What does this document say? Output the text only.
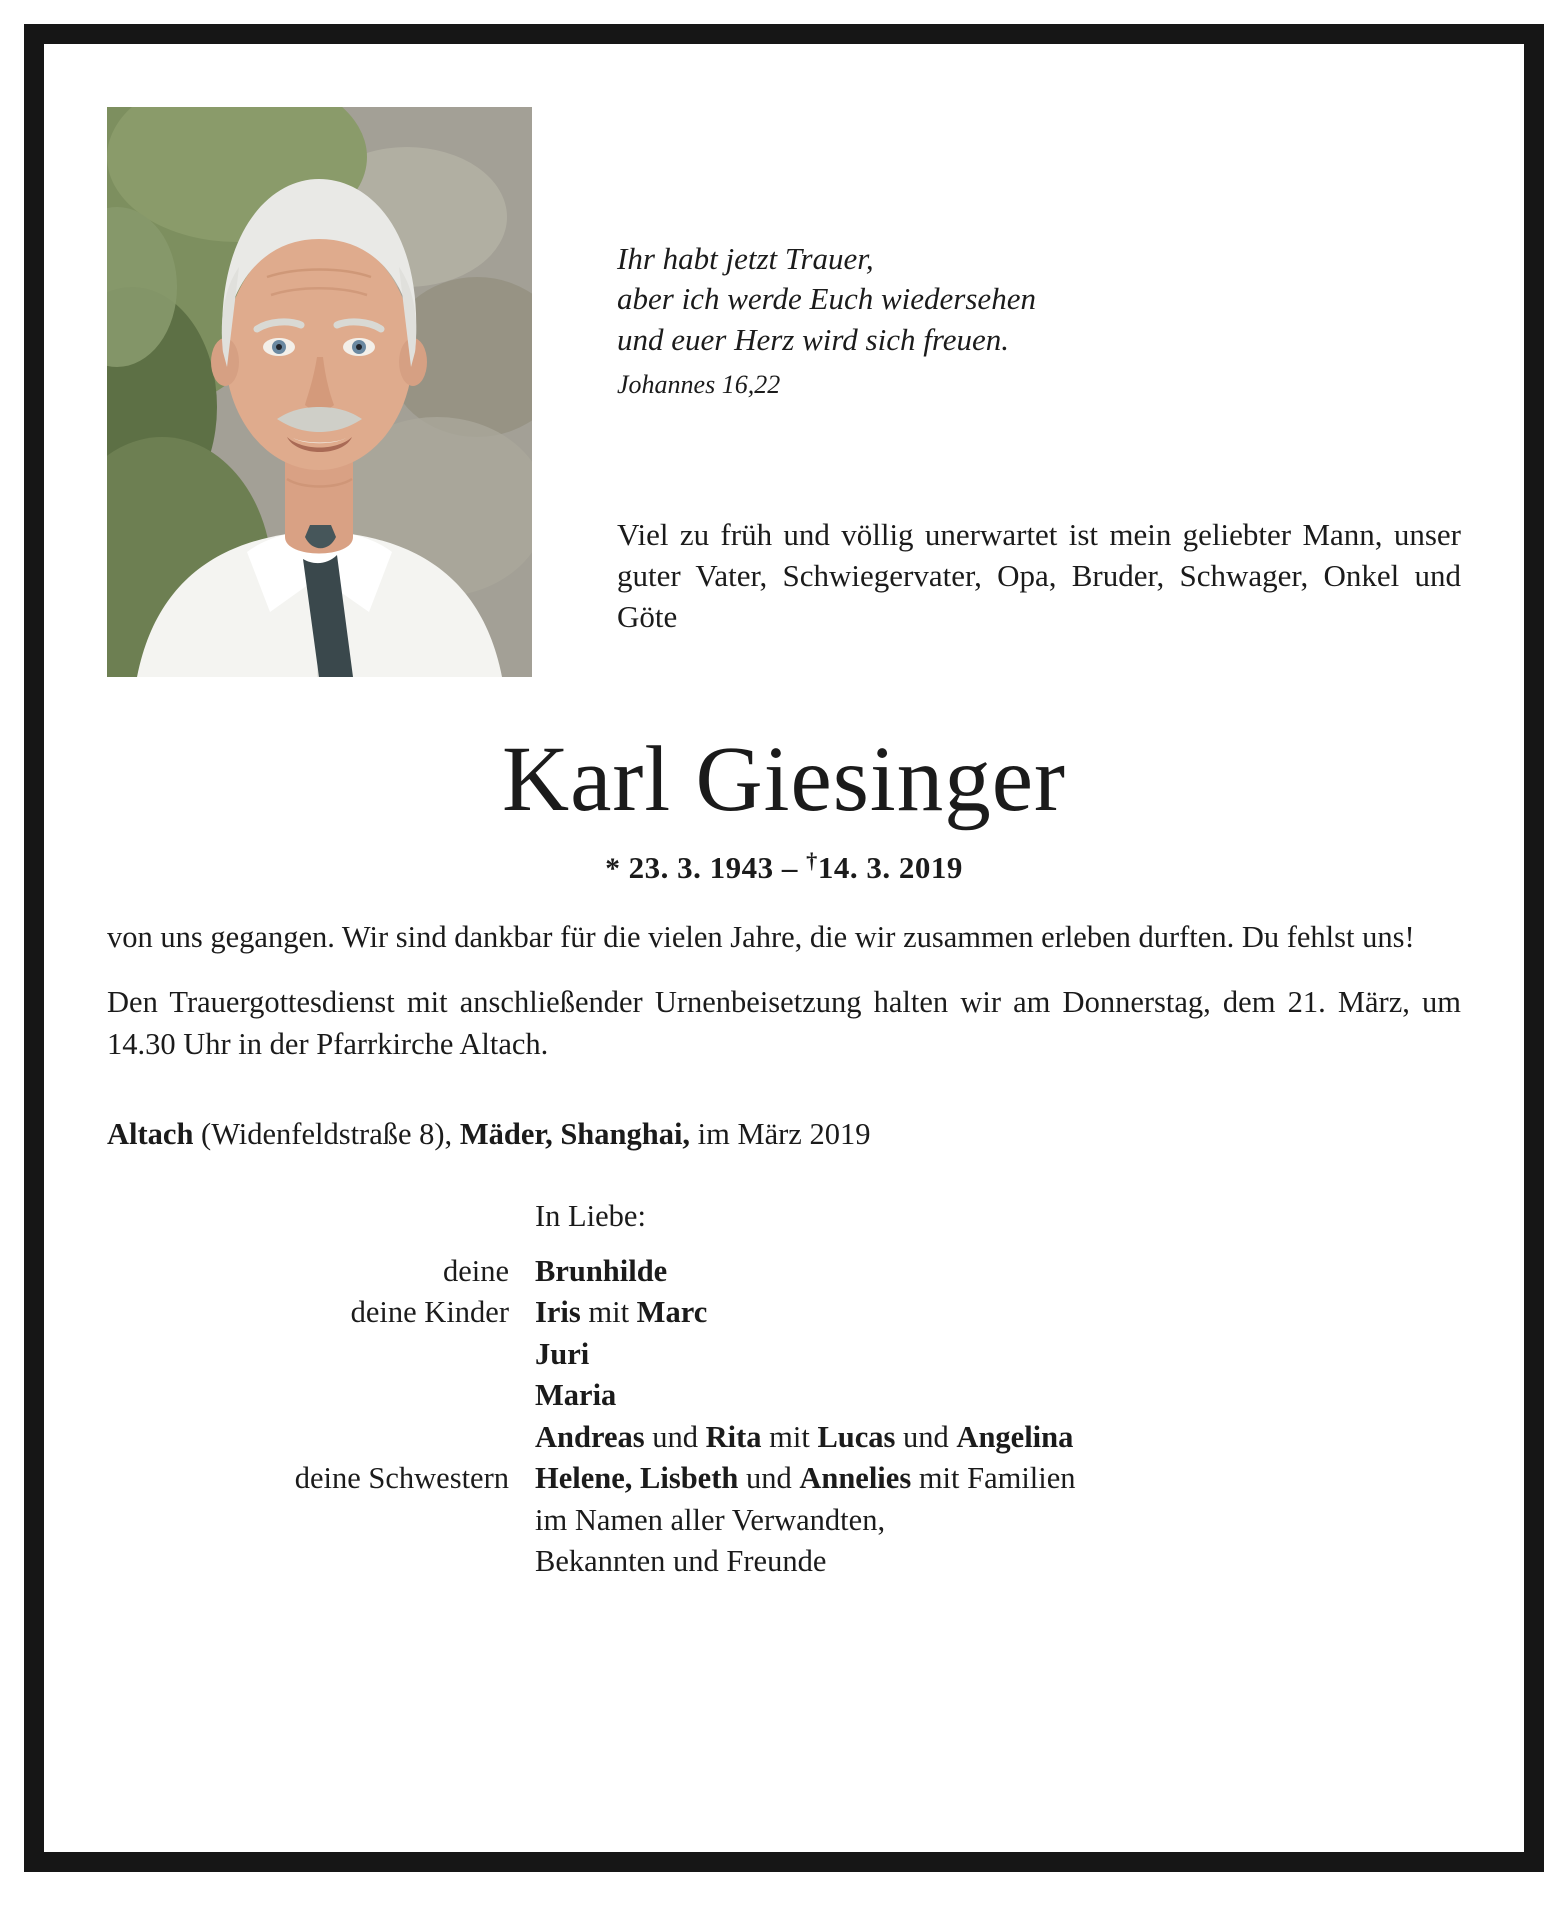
Ihr habt jetzt Trauer,
aber ich werde Euch wiedersehen
und euer Herz wird sich freuen.
Johannes 16,22

Viel zu früh und völlig unerwartet ist mein geliebter Mann, unser guter Vater, Schwiegervater, Opa, Bruder, Schwager, Onkel und Göte

Karl Giesinger
* 23. 3. 1943 – †14. 3. 2019

von uns gegangen. Wir sind dankbar für die vielen Jahre, die wir zusammen erleben durften. Du fehlst uns!

Den Trauergottesdienst mit anschließender Urnenbeisetzung halten wir am Donnerstag, dem 21. März, um 14.30 Uhr in der Pfarrkirche Altach.

Altach (Widenfeldstraße 8), Mäder, Shanghai, im März 2019

In Liebe:
deine Brunhilde
deine Kinder Iris mit Marc
Juri
Maria
Andreas und Rita mit Lucas und Angelina
deine Schwestern Helene, Lisbeth und Annelies mit Familien
im Namen aller Verwandten,
Bekannten und Freunde
